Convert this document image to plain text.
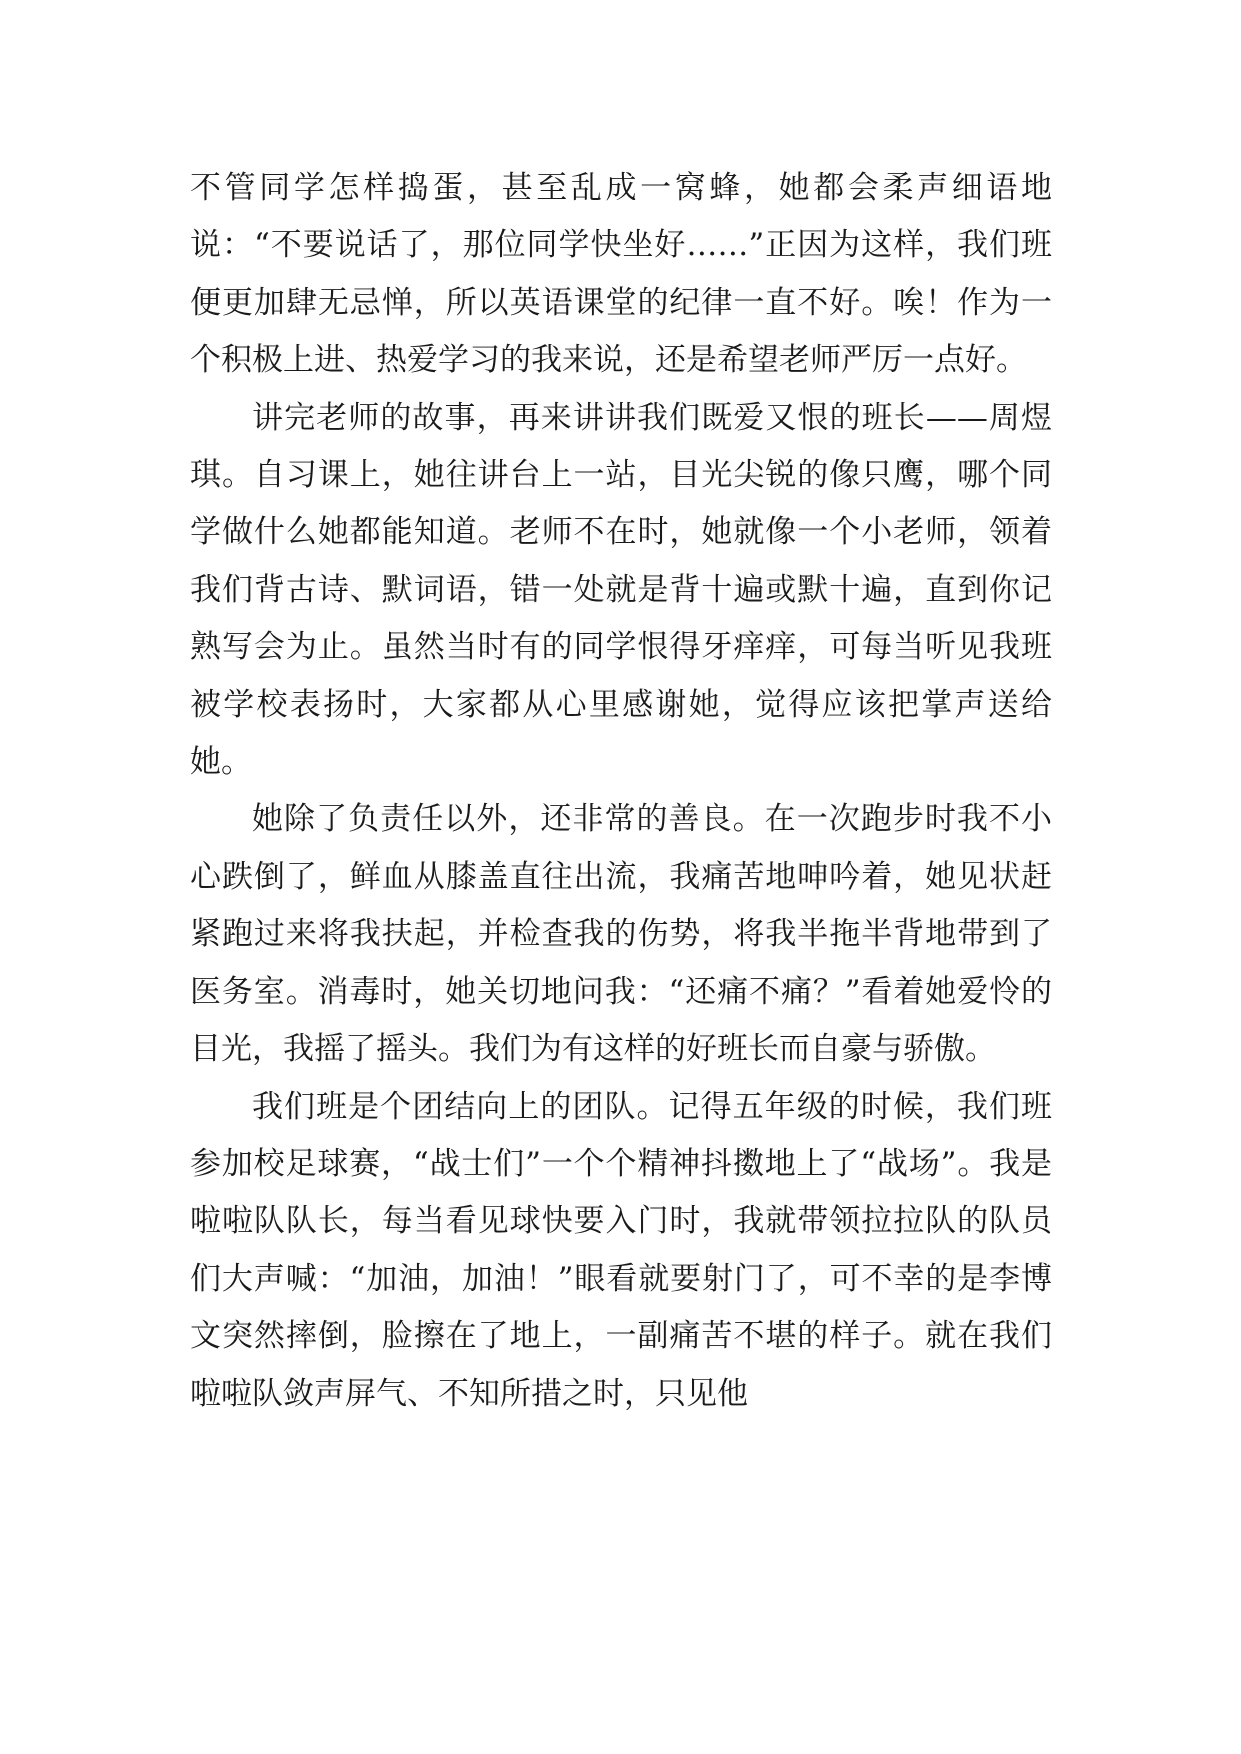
不管同学怎样捣蛋，甚至乱成一窝蜂，她都会柔声细语地说：“不要说话了，那位同学快坐好……”正因为这样，我们班便更加肆无忌惮，所以英语课堂的纪律一直不好。唉！作为一个积极上进、热爱学习的我来说，还是希望老师严厉一点好。

讲完老师的故事，再来讲讲我们既爱又恨的班长——周煜琪。自习课上，她往讲台上一站，目光尖锐的像只鹰，哪个同学做什么她都能知道。老师不在时，她就像一个小老师，领着我们背古诗、默词语，错一处就是背十遍或默十遍，直到你记熟写会为止。虽然当时有的同学恨得牙痒痒，可每当听见我班被学校表扬时，大家都从心里感谢她，觉得应该把掌声送给她。

她除了负责任以外，还非常的善良。在一次跑步时我不小心跌倒了，鲜血从膝盖直往出流，我痛苦地呻吟着，她见状赶紧跑过来将我扶起，并检查我的伤势，将我半拖半背地带到了医务室。消毒时，她关切地问我：“还痛不痛？”看着她爱怜的目光，我摇了摇头。我们为有这样的好班长而自豪与骄傲。

我们班是个团结向上的团队。记得五年级的时候，我们班参加校足球赛，“战士们”一个个精神抖擞地上了“战场”。我是啦啦队队长，每当看见球快要入门时，我就带领拉拉队的队员们大声喊：“加油，加油！”眼看就要射门了，可不幸的是李博文突然摔倒，脸擦在了地上，一副痛苦不堪的样子。就在我们啦啦队敛声屏气、不知所措之时，只见他
